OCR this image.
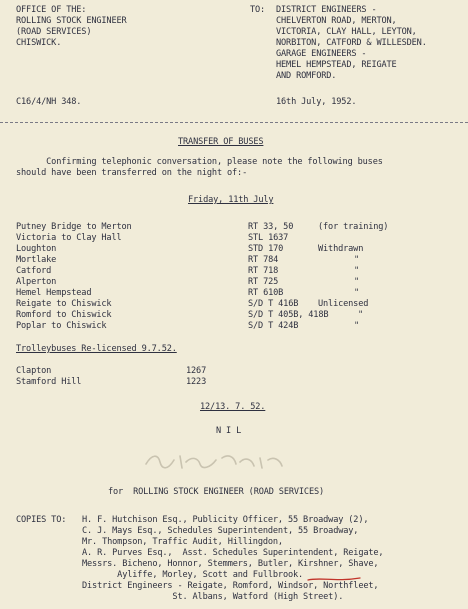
OFFICE OF THE:
ROLLING STOCK ENGINEER
(ROAD SERVICES)
CHISWICK.
TO: DISTRICT ENGINEERS -
CHELVERTON ROAD, MERTON,
VICTORIA, CLAY HALL, LEYTON,
NORBITON, CATFORD & WILLESDEN.
GARAGE ENGINEERS -
HEMEL HEMPSTEAD, REIGATE
AND ROMFORD.
C16/4/NH 348.	16th July, 1952.
TRANSFER OF BUSES
Confirming telephonic conversation, please note the following buses
should have been transferred on the night of:-
Friday, 11th July
Putney Bridge to Merton	RT 33, 50	(for training)
Victoria to Clay Hall	STL 1637
Loughton	STD 170	Withdrawn
Mortlake	RT 784	"
Catford	RT 718	"
Alperton	RT 725	"
Hemel Hempstead	RT 610B	"
Reigate to Chiswick	S/D T 416B Unlicensed
Romford to Chiswick	S/D T 405B, 418B	"
Poplar to Chiswick	S/D T 424B	"
Trolleybuses Re-licensed 9.7.52.
Clapton	1267
Stamford Hill	1223
12/13. 7. 52.
N I L
for  ROLLING STOCK ENGINEER (ROAD SERVICES)
COPIES TO: H. F. Hutchison Esq., Publicity Officer, 55 Broadway (2),
C. J. Mays Esq., Schedules Superintendent, 55 Broadway,
Mr. Thompson, Traffic Audit, Hillingdon,
A. R. Purves Esq.,  Asst. Schedules Superintendent, Reigate,
Messrs. Bicheno, Honnor, Stemmers, Butler, Kirshner, Shave,
Ayliffe, Morley, Scott and Fullbrook.
District Engineers - Reigate, Romford, Windsor, Northfleet,
St. Albans, Watford (High Street).
